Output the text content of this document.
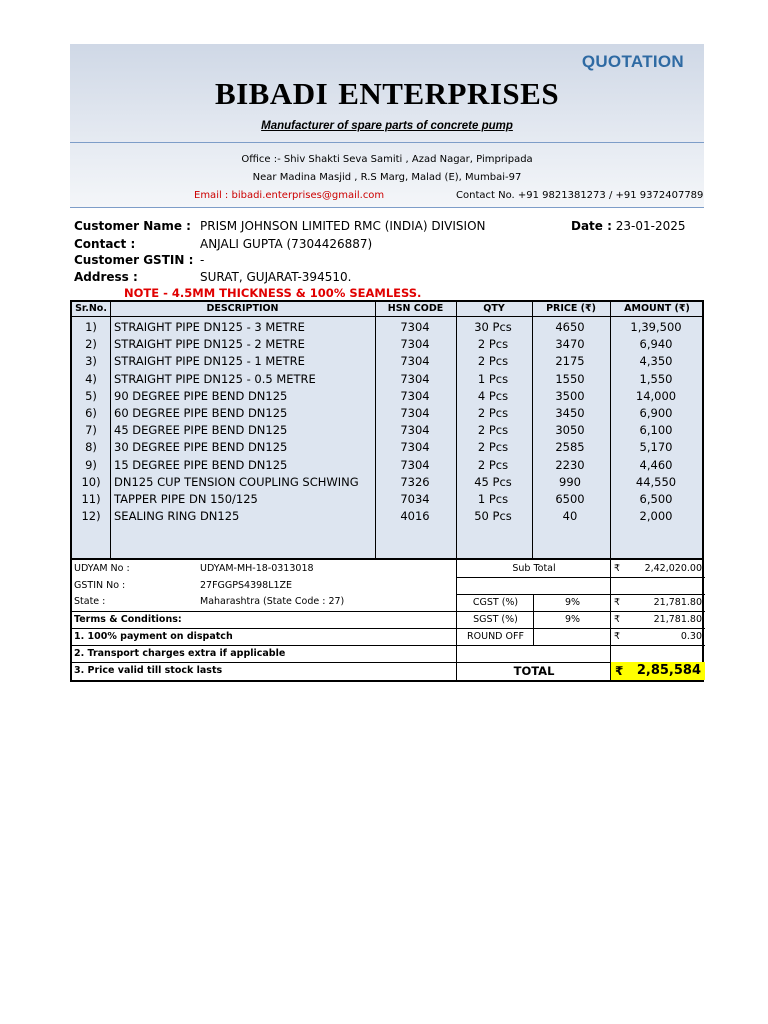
QUOTATION
BIBADI ENTERPRISES
Manufacturer of spare parts of concrete pump
Office :- Shiv Shakti Seva Samiti , Azad Nagar, Pimpripada
Near Madina Masjid , R.S Marg, Malad (E), Mumbai-97
Email : bibadi.enterprises@gmail.com	Contact No. +91 9821381273 / +91 9372407789
Customer Name : PRISM JOHNSON LIMITED RMC (INDIA) DIVISION	Date : 23-01-2025
Contact :	ANJALI GUPTA (7304426887)
Customer GSTIN : -
Address :	SURAT, GUJARAT-394510.
NOTE - 4.5MM THICKNESS & 100% SEAMLESS.
Sr.No.	DESCRIPTION	HSN CODE	QTY	PRICE (₹)	AMOUNT (₹)
1)	STRAIGHT PIPE DN125 - 3 METRE	7304	30 Pcs	4650	1,39,500
2)	STRAIGHT PIPE DN125 - 2 METRE	7304	2 Pcs	3470	6,940
3)	STRAIGHT PIPE DN125 - 1 METRE	7304	2 Pcs	2175	4,350
4)	STRAIGHT PIPE DN125 - 0.5 METRE	7304	1 Pcs	1550	1,550
5)	90 DEGREE PIPE BEND DN125	7304	4 Pcs	3500	14,000
6)	60 DEGREE PIPE BEND DN125	7304	2 Pcs	3450	6,900
7)	45 DEGREE PIPE BEND DN125	7304	2 Pcs	3050	6,100
8)	30 DEGREE PIPE BEND DN125	7304	2 Pcs	2585	5,170
9)	15 DEGREE PIPE BEND DN125	7304	2 Pcs	2230	4,460
10)	DN125 CUP TENSION COUPLING SCHWING	7326	45 Pcs	990	44,550
11)	TAPPER PIPE DN 150/125	7034	1 Pcs	6500	6,500
12)	SEALING RING DN125	4016	50 Pcs	40	2,000
UDYAM No :	UDYAM-MH-18-0313018
GSTIN No :	27FGGPS4398L1ZE
State :	Maharashtra (State Code : 27)
Terms & Conditions:
1. 100% payment on dispatch
2. Transport charges extra if applicable
3. Price valid till stock lasts
Sub Total	₹	2,42,020.00
CGST (%)	9%	₹	21,781.80
SGST (%)	9%	₹	21,781.80
ROUND OFF	₹	0.30
TOTAL	₹ 2,85,584
